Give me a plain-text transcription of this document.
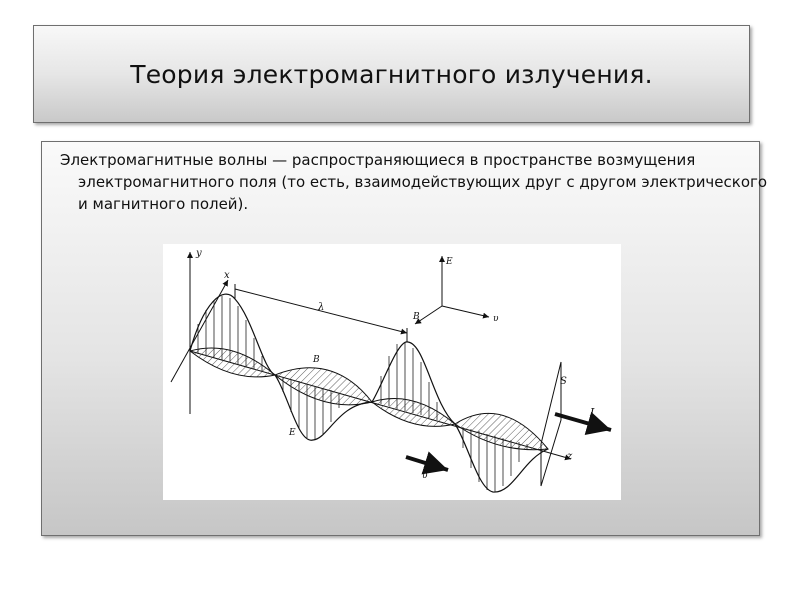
Теория электромагнитного излучения.

Электромагнитные волны — распространяющиеся в пространстве возмущения электромагнитного поля (то есть, взаимодействующих друг с другом электрического и магнитного полей).

y
x
z
λ
E
B	υ
B
E
S
I
υ
